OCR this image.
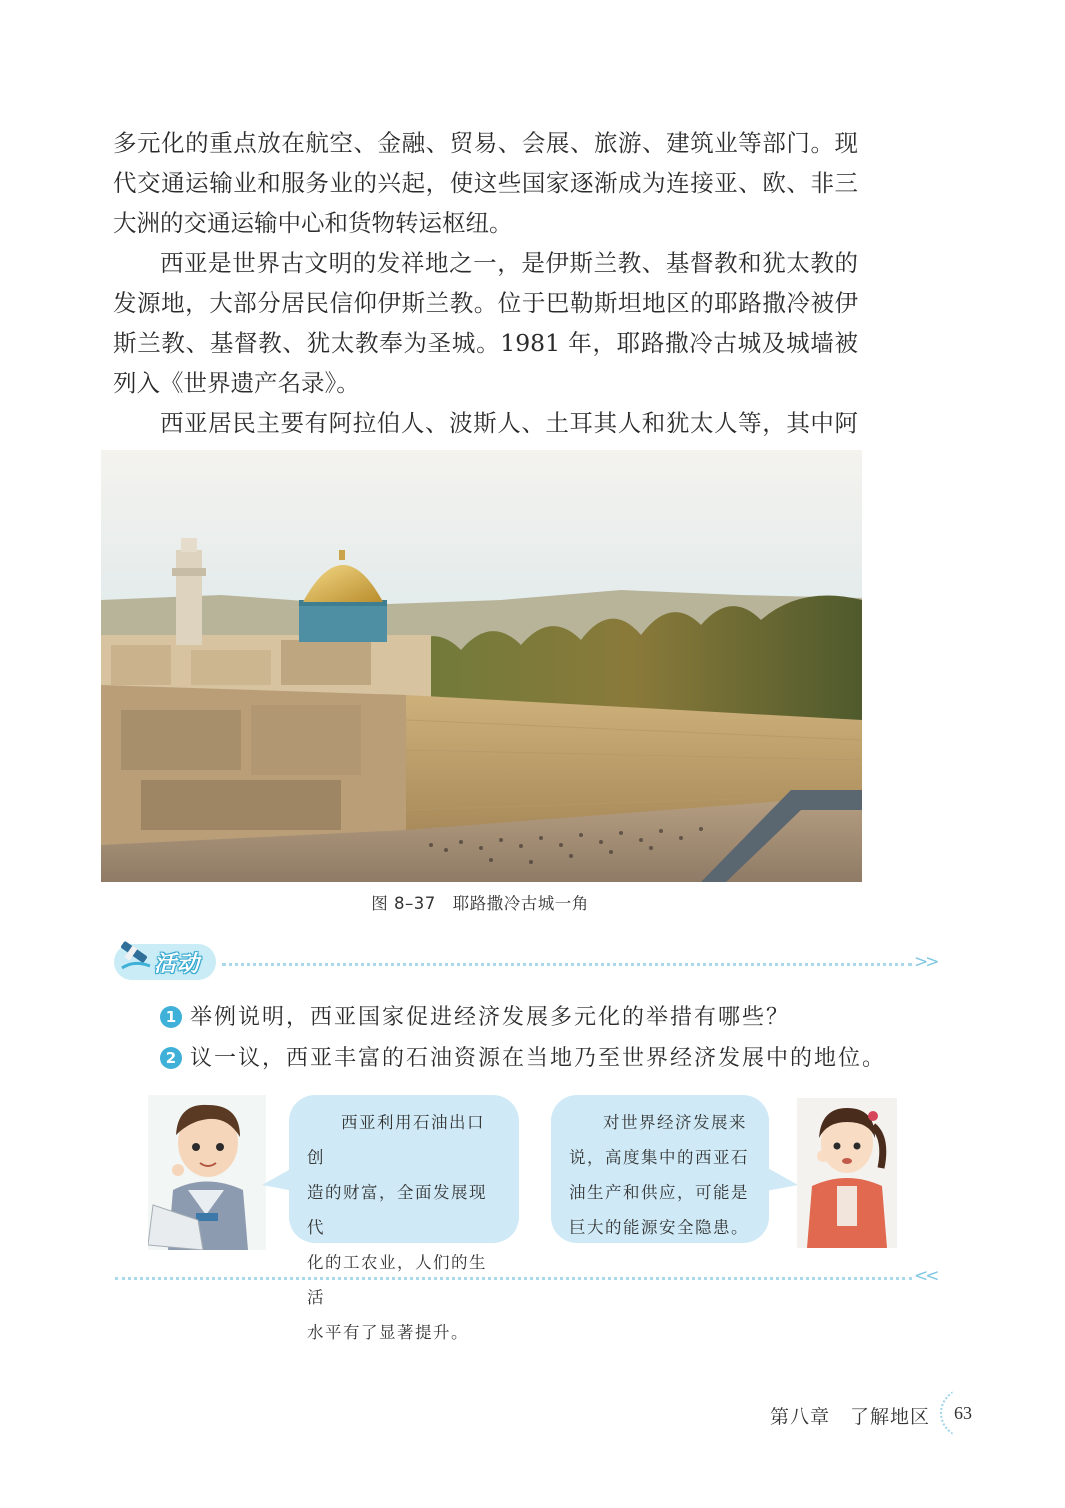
多元化的重点放在航空、金融、贸易、会展、旅游、建筑业等部门。现代交通运输业和服务业的兴起，使这些国家逐渐成为连接亚、欧、非三大洲的交通运输中心和货物转运枢纽。

西亚是世界古文明的发祥地之一，是伊斯兰教、基督教和犹太教的发源地，大部分居民信仰伊斯兰教。位于巴勒斯坦地区的耶路撒冷被伊斯兰教、基督教、犹太教奉为圣城。1981 年，耶路撒冷古城及城墙被列入《世界遗产名录》。

西亚居民主要有阿拉伯人、波斯人、土耳其人和犹太人等，其中阿

图 8–37　耶路撒冷古城一角
活动	>>
1 举例说明，西亚国家促进经济发展多元化的举措有哪些？
2 议一议，西亚丰富的石油资源在当地乃至世界经济发展中的地位。

西亚利用石油出口创

造的财富，全面发展现代

化的工农业，人们的生活

水平有了显著提升。

对世界经济发展来

说，高度集中的西亚石

油生产和供应，可能是

巨大的能源安全隐患。

<<
第八章　了解地区 63
